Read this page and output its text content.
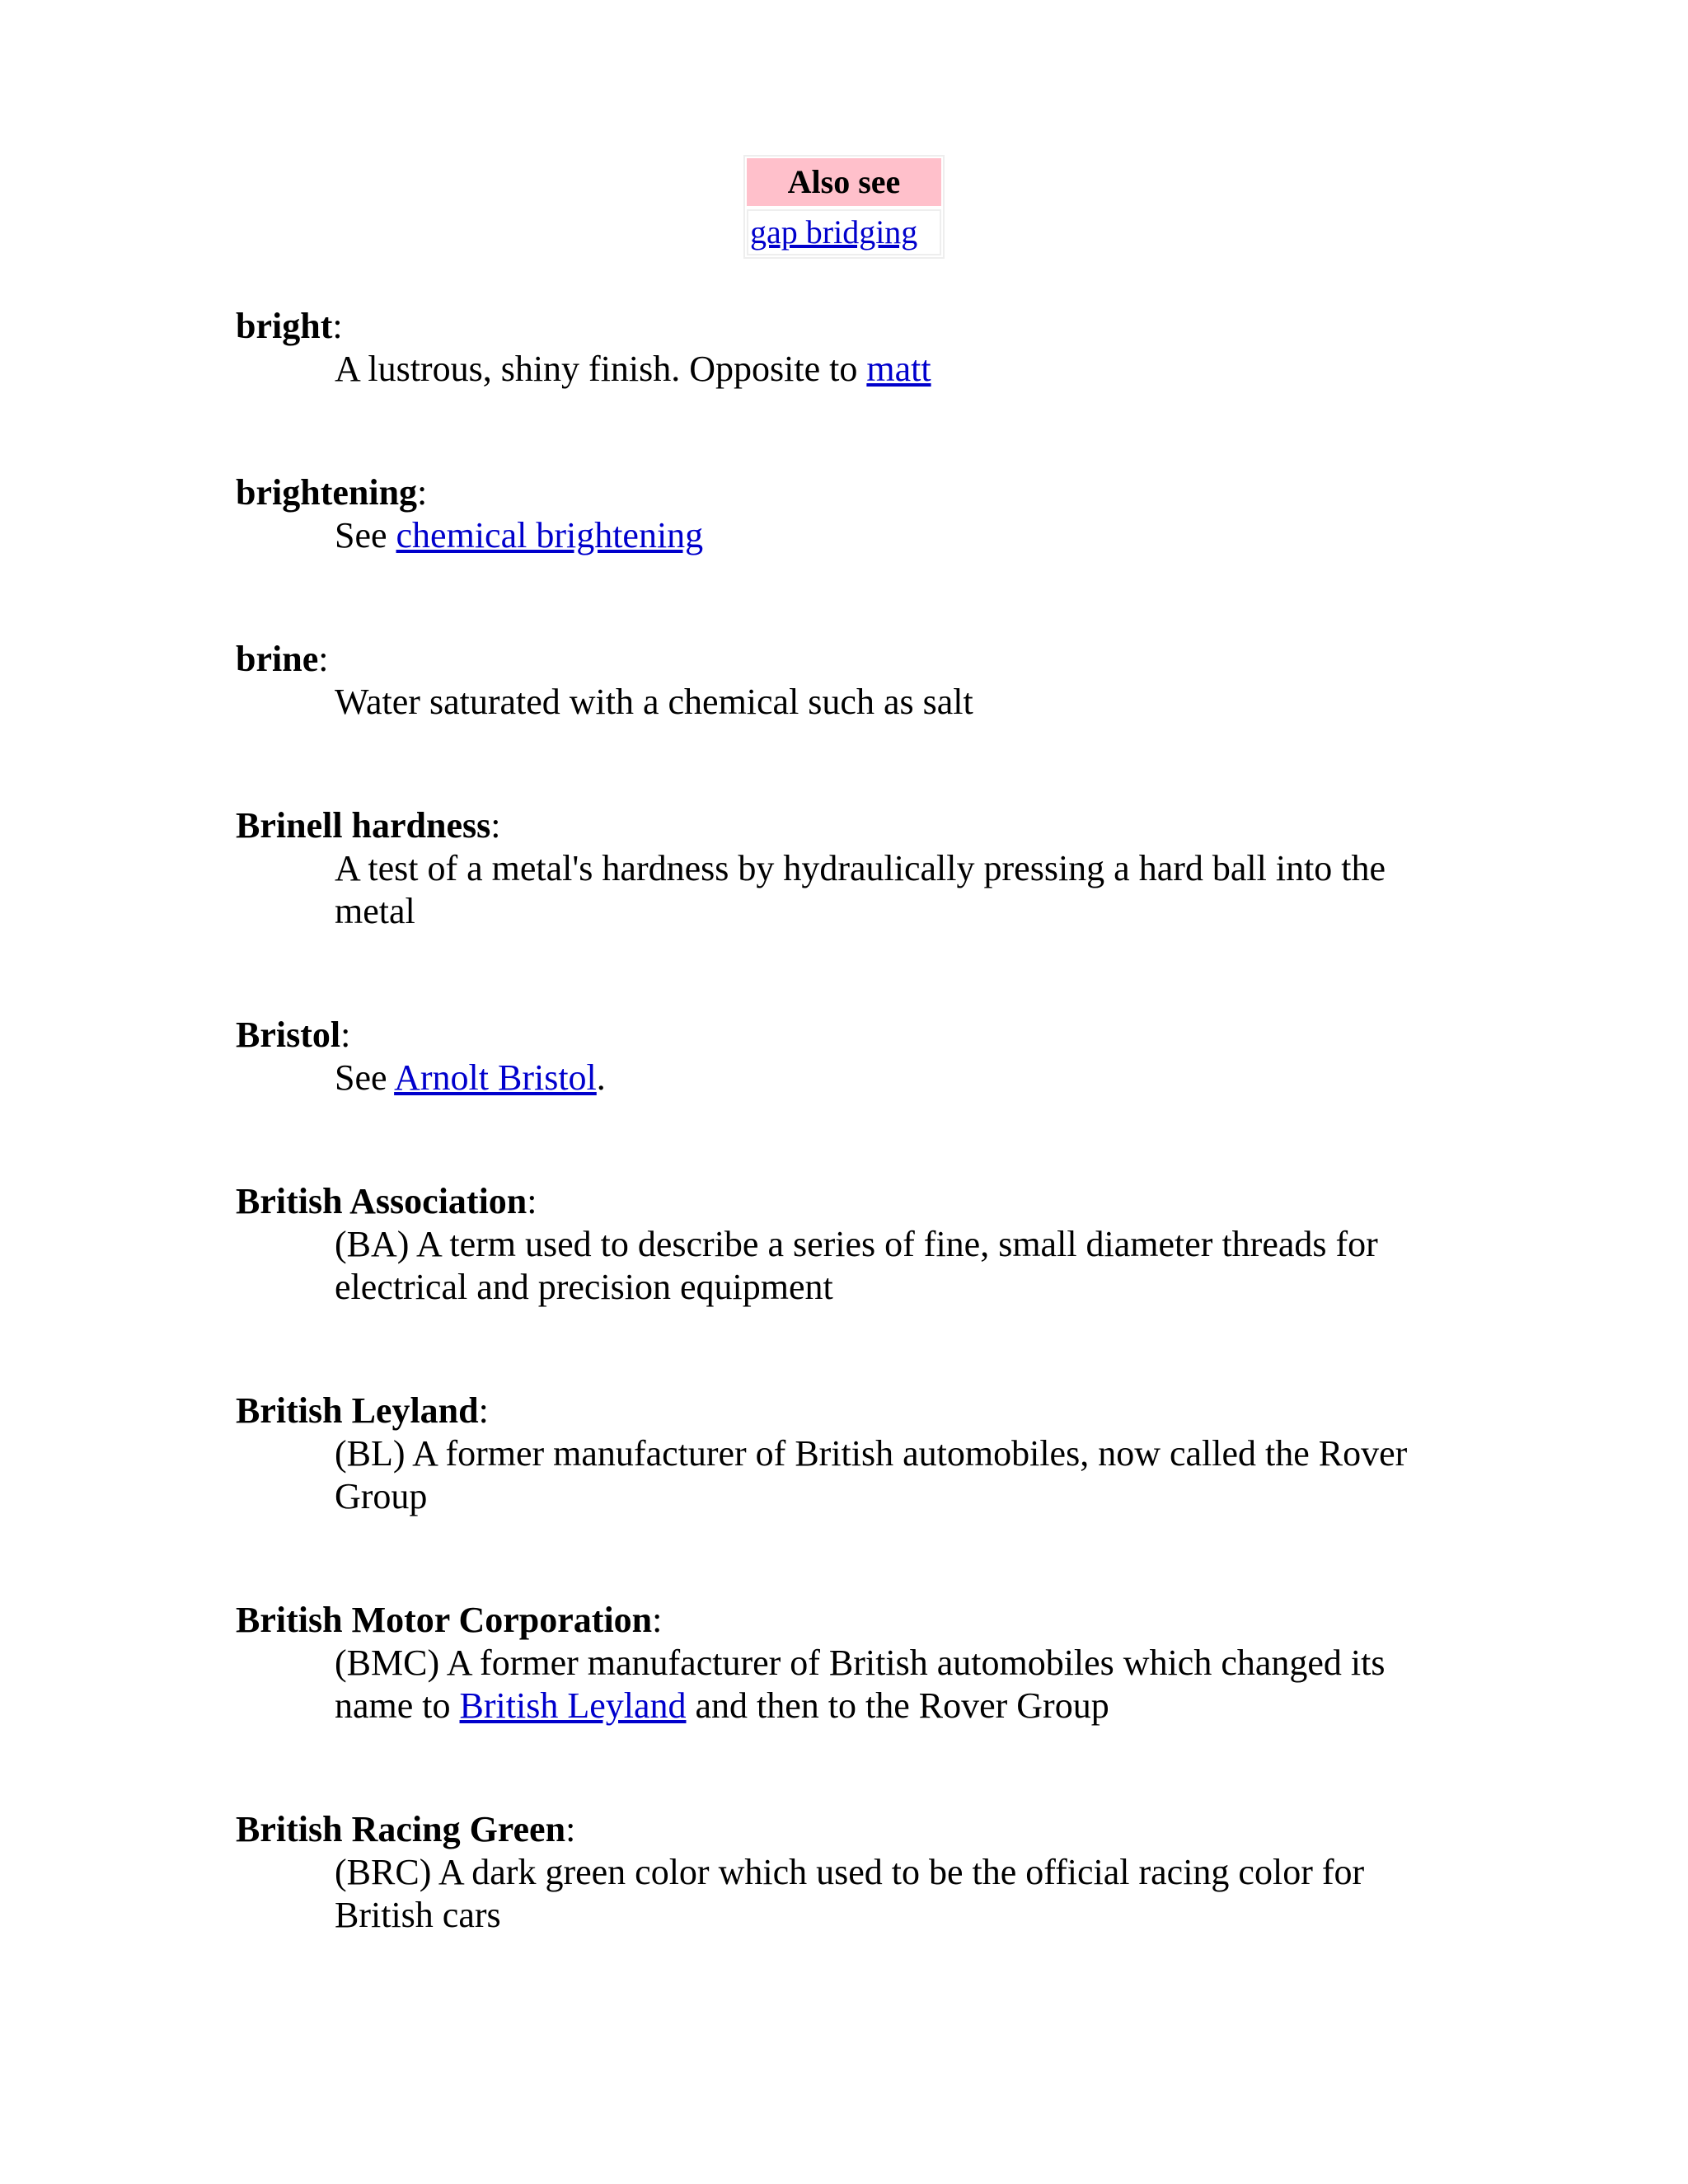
Also see
gap bridging
bright:
A lustrous, shiny finish. Opposite to matt
brightening:
See chemical brightening
brine:
Water saturated with a chemical such as salt
Brinell hardness:
A test of a metal's hardness by hydraulically pressing a hard ball into the metal
Bristol:
See Arnolt Bristol.
British Association:
(BA) A term used to describe a series of fine, small diameter threads for electrical and precision equipment
British Leyland:
(BL) A former manufacturer of British automobiles, now called the Rover Group
British Motor Corporation:
(BMC) A former manufacturer of British automobiles which changed its name to British Leyland and then to the Rover Group
British Racing Green:
(BRC) A dark green color which used to be the official racing color for British cars
